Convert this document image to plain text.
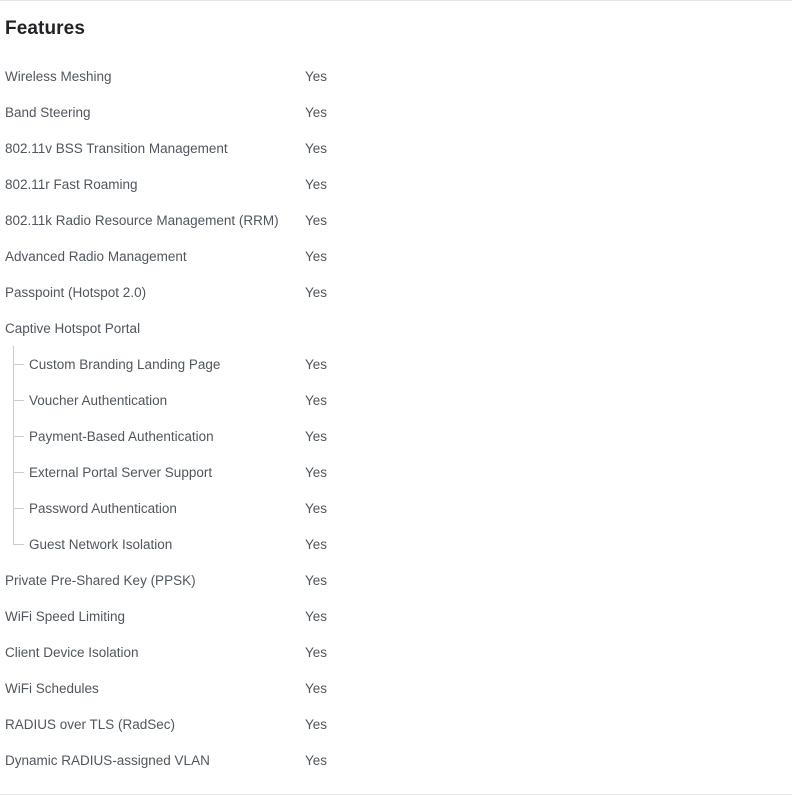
Features
Wireless Meshing	Yes
Band Steering	Yes
802.11v BSS Transition Management	Yes
802.11r Fast Roaming	Yes
802.11k Radio Resource Management (RRM) Yes
Advanced Radio Management	Yes
Passpoint (Hotspot 2.0)	Yes
Captive Hotspot Portal
Custom Branding Landing Page	Yes
Voucher Authentication	Yes
Payment-Based Authentication	Yes
External Portal Server Support	Yes
Password Authentication	Yes
Guest Network Isolation	Yes
Private Pre-Shared Key (PPSK)	Yes
WiFi Speed Limiting	Yes
Client Device Isolation	Yes
WiFi Schedules	Yes
RADIUS over TLS (RadSec)	Yes
Dynamic RADIUS-assigned VLAN	Yes
